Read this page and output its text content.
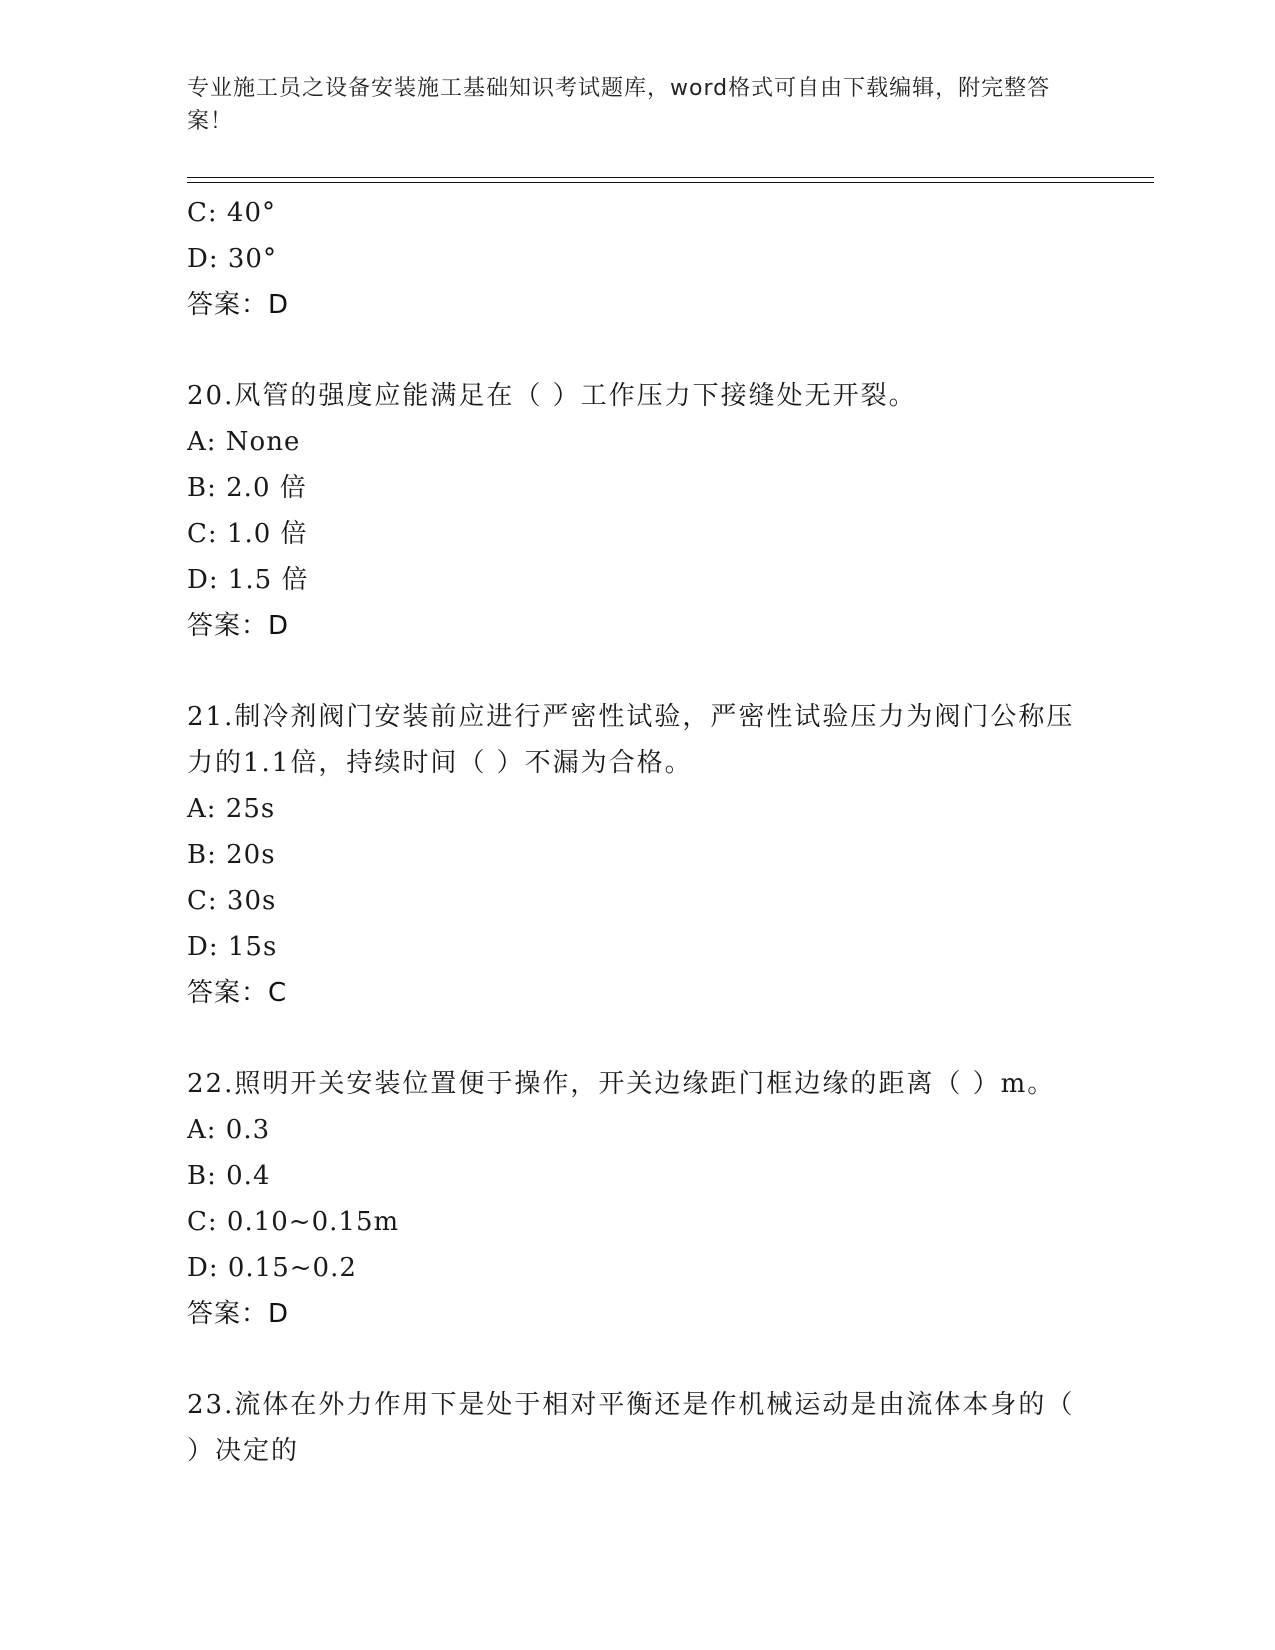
专业施工员之设备安装施工基础知识考试题库，word格式可自由下载编辑，附完整答案！
C: 40°
D: 30°
答案：D
20.风管的强度应能满足在（ ）工作压力下接缝处无开裂。
A: None
B: 2.0 倍
C: 1.0 倍
D: 1.5 倍
答案：D
21.制冷剂阀门安装前应进行严密性试验，严密性试验压力为阀门公称压力的1.1倍，持续时间（ ）不漏为合格。
A: 25s
B: 20s
C: 30s
D: 15s
答案：C
22.照明开关安装位置便于操作，开关边缘距门框边缘的距离（ ）m。
A: 0.3
B: 0.4
C: 0.10~0.15m
D: 0.15~0.2
答案：D
23.流体在外力作用下是处于相对平衡还是作机械运动是由流体本身的（ ）决定的
